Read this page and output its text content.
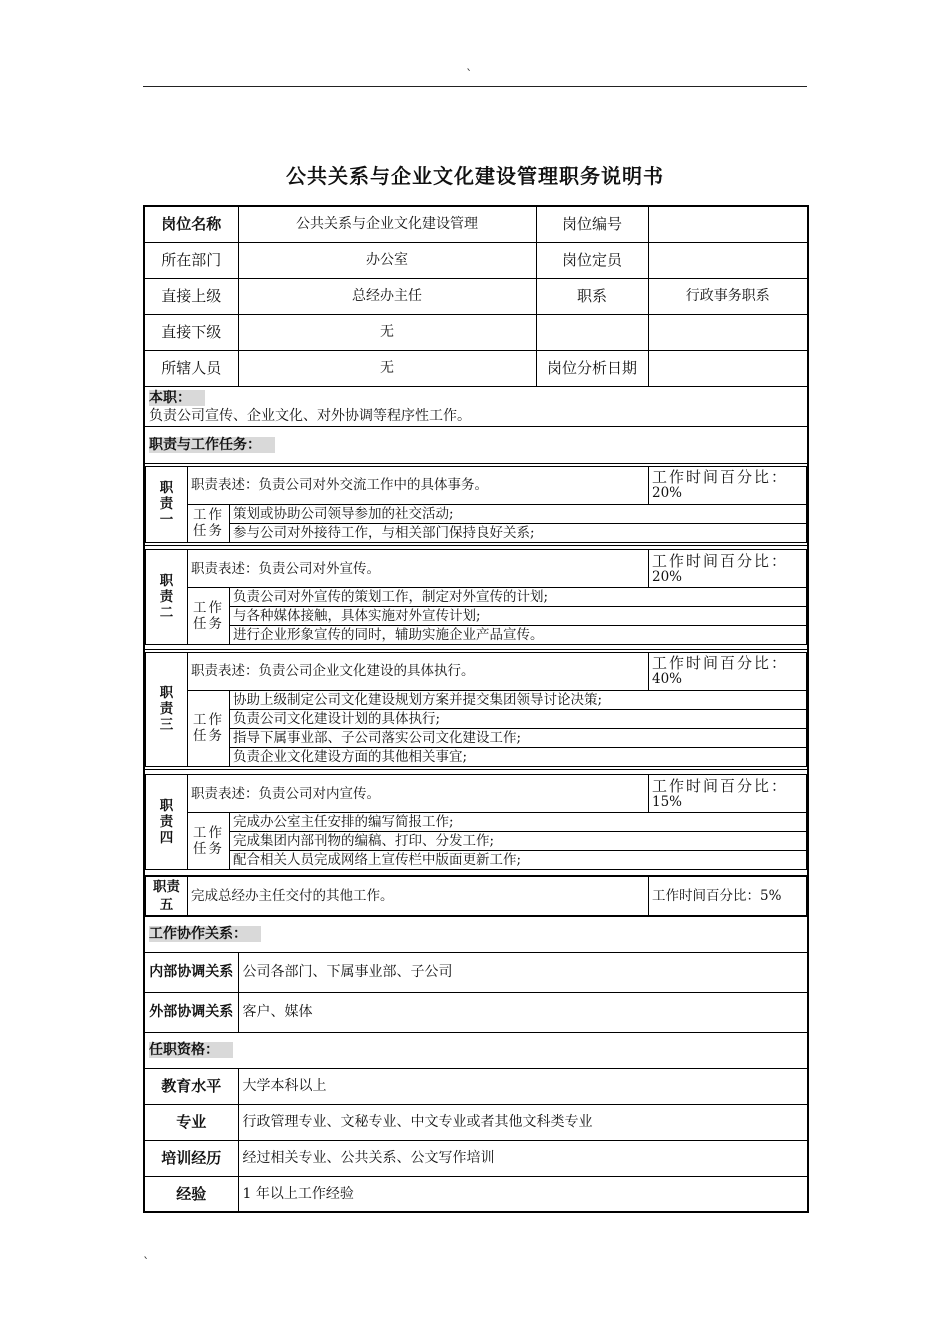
`
公共关系与企业文化建设管理职务说明书
岗位名称	公共关系与企业文化建设管理	岗位编号	
所在部门	办公室	岗位定员	
直接上级	总经办主任	职系	行政事务职系
直接下级	无		
所辖人员	无	岗位分析日期	

本职：
负责公司宣传、企业文化、对外协调等程序性工作。

职责与工作任务：

职责一	职责表述：负责公司对外交流工作中的具体事务。	工作时间百分比：
20%

工作任务	策划或协助公司领导参加的社交活动;
参与公司对外接待工作，与相关部门保持良好关系;

职责二	职责表述：负责公司对外宣传。	工作时间百分比：
20%

工作任务	负责公司对外宣传的策划工作，制定对外宣传的计划;
与各种媒体接触，具体实施对外宣传计划;
进行企业形象宣传的同时，辅助实施企业产品宣传。

职责三	职责表述：负责公司企业文化建设的具体执行。	工作时间百分比：
40%

工作任务	协助上级制定公司文化建设规划方案并提交集团领导讨论决策;
负责公司文化建设计划的具体执行;
指导下属事业部、子公司落实公司文化建设工作;
负责企业文化建设方面的其他相关事宜;

职责四	职责表述：负责公司对内宣传。	工作时间百分比：
15%

工作任务	完成办公室主任安排的编写简报工作;
完成集团内部刊物的编稿、打印、分发工作;
配合相关人员完成网络上宣传栏中版面更新工作;

职责五	完成总经办主任交付的其他工作。	工作时间百分比：5%

工作协作关系：
内部协调关系	公司各部门、下属事业部、子公司
外部协调关系	客户、媒体
任职资格：
教育水平	大学本科以上
专业	行政管理专业、文秘专业、中文专业或者其他文科类专业
培训经历	经过相关专业、公共关系、公文写作培训
经验	1 年以上工作经验
`
